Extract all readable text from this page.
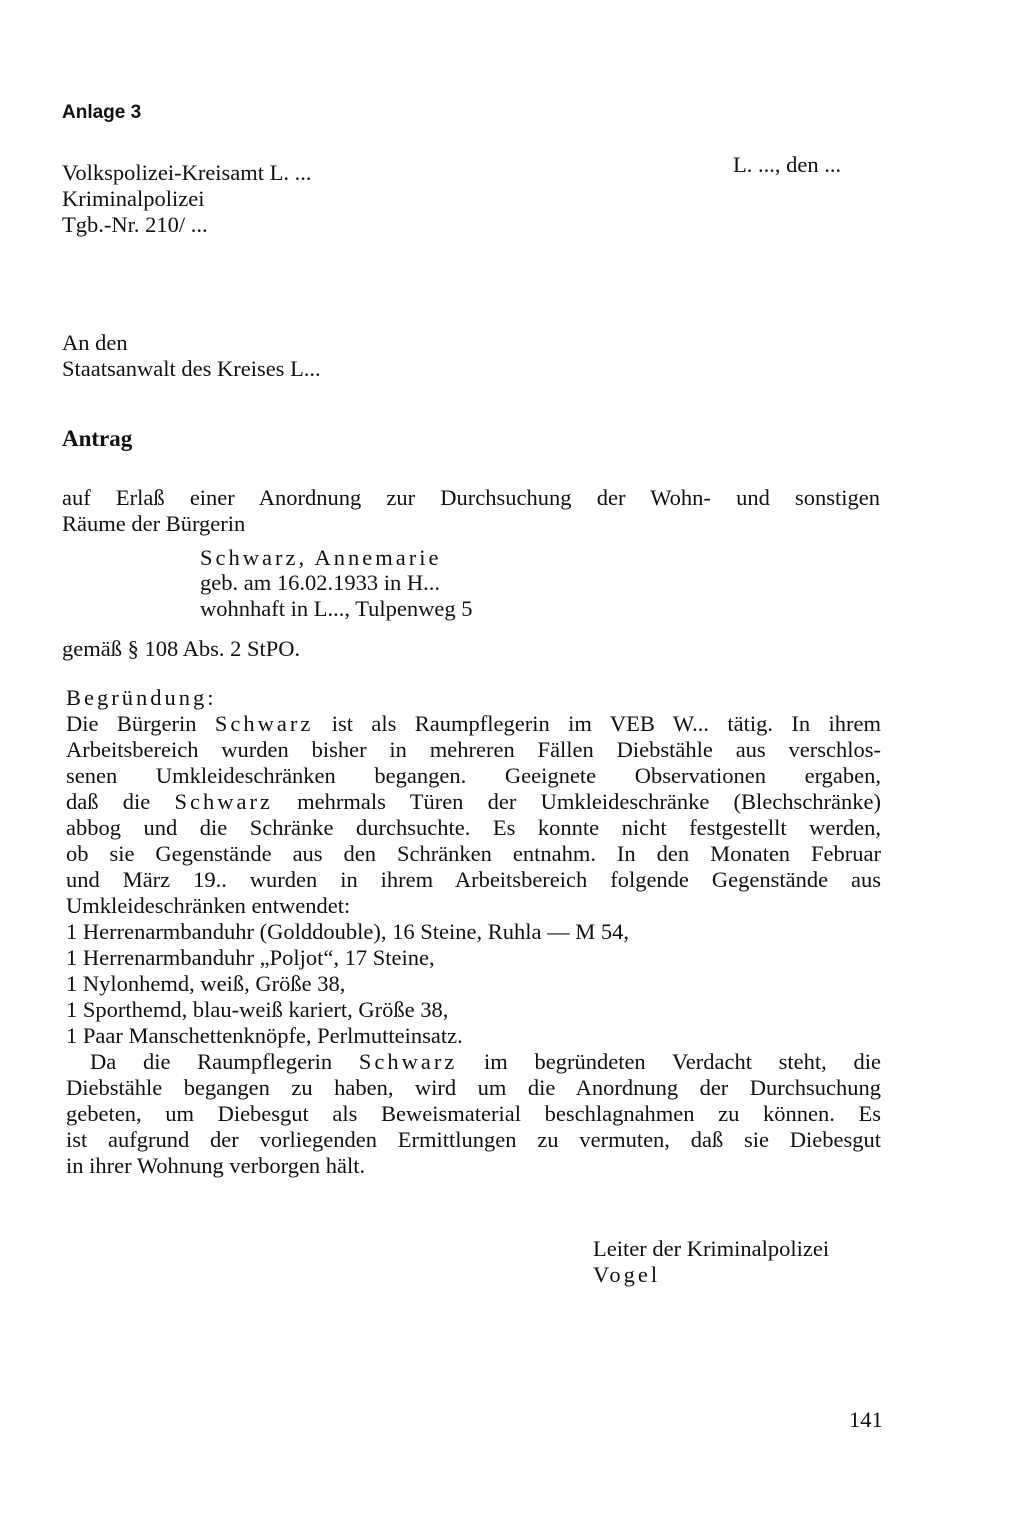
Anlage 3
Volkspolizei-Kreisamt L. ...
Kriminalpolizei
Tgb.-Nr. 210/ ...
L. ..., den ...
An den
Staatsanwalt des Kreises L...
Antrag
auf Erlaß einer Anordnung zur Durchsuchung der Wohn- und sonstigen
Räume der Bürgerin
Schwarz, Annemarie
geb. am 16.02.1933 in H...
wohnhaft in L..., Tulpenweg 5
gemäß § 108 Abs. 2 StPO.
Begründung:
Die Bürgerin Schwarz ist als Raumpflegerin im VEB W... tätig. In ihrem
Arbeitsbereich wurden bisher in mehreren Fällen Diebstähle aus verschlos-
senen Umkleideschränken begangen. Geeignete Observationen ergaben,
daß die Schwarz mehrmals Türen der Umkleideschränke (Blechschränke)
abbog und die Schränke durchsuchte. Es konnte nicht festgestellt werden,
ob sie Gegenstände aus den Schränken entnahm. In den Monaten Februar
und März 19.. wurden in ihrem Arbeitsbereich folgende Gegenstände aus
Umkleideschränken entwendet:
1 Herrenarmbanduhr (Golddouble), 16 Steine, Ruhla — M 54,
1 Herrenarmbanduhr „Poljot“, 17 Steine,
1 Nylonhemd, weiß, Größe 38,
1 Sporthemd, blau-weiß kariert, Größe 38,
1 Paar Manschettenknöpfe, Perlmutteinsatz.
Da die Raumpflegerin Schwarz im begründeten Verdacht steht, die
Diebstähle begangen zu haben, wird um die Anordnung der Durchsuchung
gebeten, um Diebesgut als Beweismaterial beschlagnahmen zu können. Es
ist aufgrund der vorliegenden Ermittlungen zu vermuten, daß sie Diebesgut
in ihrer Wohnung verborgen hält.
Leiter der Kriminalpolizei
Vogel
141
